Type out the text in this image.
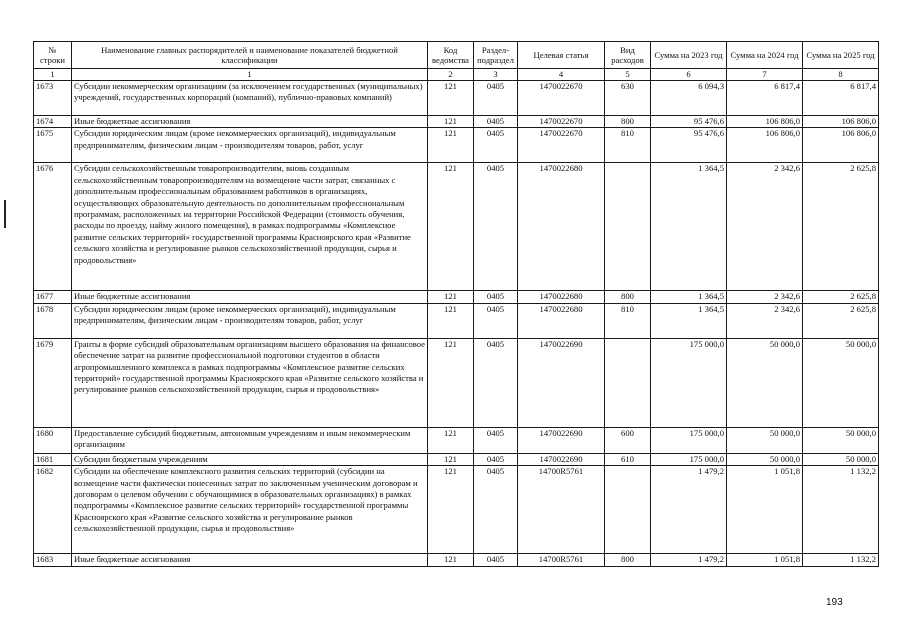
№ строки	Наименование главных распорядителей и наименование показателей бюджетной классификации	Код ведомства	Раздел-подраздел	Целевая статья	Вид расходов	Сумма на 2023 год	Сумма на 2024 год	Сумма на 2025 год
1	1	2	3	4	5	6	7	8
1673	Субсидии некоммерческим организациям (за исключением государственных (муниципальных) учреждений, государственных корпораций (компаний), публично-правовых компаний)	121	0405	1470022670	630	6 094,3	6 817,4	6 817,4
1674	Иные бюджетные ассигнования	121	0405	1470022670	800	95 476,6	106 806,0	106 806,0
1675	Субсидии юридическим лицам (кроме некоммерческих организаций), индивидуальным предпринимателям, физическим лицам - производителям товаров, работ, услуг	121	0405	1470022670	810	95 476,6	106 806,0	106 806,0
1676	Субсидии сельскохозяйственным товаропроизводителям, вновь созданным сельскохозяйственным товаропроизводителям на возмещение части затрат, связанных с дополнительным профессиональным образованием работников в организациях, осуществляющих образовательную деятельность по дополнительным профессиональным программам, расположенных на территории Российской Федерации (стоимость обучения, расходы по проезду, найму жилого помещения), в рамках подпрограммы «Комплексное развитие сельских территорий» государственной программы Красноярского края «Развитие сельского хозяйства и регулирование рынков сельскохозяйственной продукции, сырья и продовольствия»	121	0405	1470022680		1 364,5	2 342,6	2 625,8
1677	Иные бюджетные ассигнования	121	0405	1470022680	800	1 364,5	2 342,6	2 625,8
1678	Субсидии юридическим лицам (кроме некоммерческих организаций), индивидуальным предпринимателям, физическим лицам - производителям товаров, работ, услуг	121	0405	1470022680	810	1 364,5	2 342,6	2 625,8
1679	Гранты в форме субсидий образовательным организациям высшего образования на финансовое обеспечение затрат на развитие профессиональной подготовки студентов в области агропромышленного комплекса в рамках подпрограммы «Комплексное развитие сельских территорий» государственной программы Красноярского края «Развитие сельского хозяйства и регулирование рынков сельскохозяйственной продукции, сырья и продовольствия»	121	0405	1470022690		175 000,0	50 000,0	50 000,0
1680	Предоставление субсидий бюджетным, автономным учреждениям и иным некоммерческим организациям	121	0405	1470022690	600	175 000,0	50 000,0	50 000,0
1681	Субсидии бюджетным учреждениям	121	0405	1470022690	610	175 000,0	50 000,0	50 000,0
1682	Субсидии на обеспечение комплексного развития сельских территорий (субсидии на возмещение части фактически понесенных затрат по заключенным ученическим договорам и договорам о целевом обучении с обучающимися в образовательных организациях) в рамках подпрограммы «Комплексное развитие сельских территорий» государственной программы Красноярского края «Развитие сельского хозяйства и регулирование рынков сельскохозяйственной продукции, сырья и продовольствия»	121	0405	14700R5761		1 479,2	1 051,8	1 132,2
1683	Иные бюджетные ассигнования	121	0405	14700R5761	800	1 479,2	1 051,8	1 132,2
193
